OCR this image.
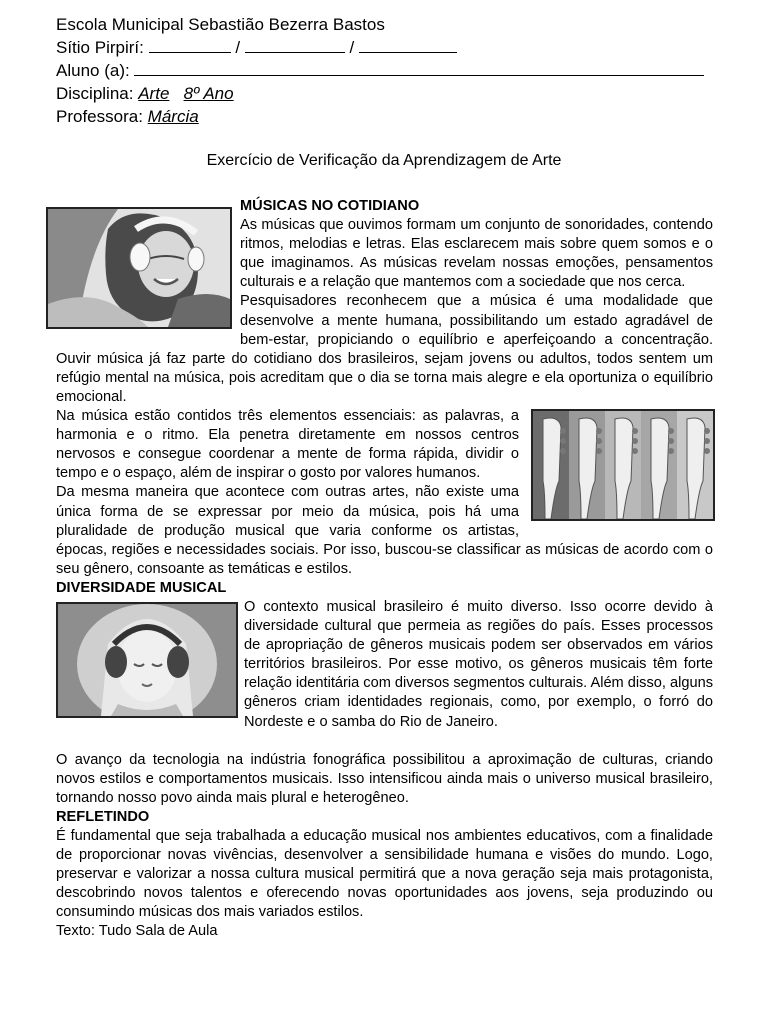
Escola Municipal Sebastião Bezerra Bastos
Sítio Pirpirí:	/	/
Aluno (a):
Disciplina: Arte 8º Ano
Professora: Márcia
Exercício de Verificação da Aprendizagem de Arte

MÚSICAS NO COTIDIANO

As músicas que ouvimos formam um conjunto de sonoridades, contendo ritmos, melodias e letras. Elas esclarecem mais sobre quem somos e o que imaginamos. As músicas revelam nossas emoções, pensamentos culturais e a relação que mantemos com a sociedade que nos cerca.

Pesquisadores reconhecem que a música é uma modalidade que desenvolve a mente humana, possibilitando um estado agradável de bem-estar, propiciando o equilíbrio e aperfeiçoando a concentração. Ouvir música já faz parte do cotidiano dos brasileiros, sejam jovens ou adultos, todos sentem um refúgio mental na música, pois acreditam que o dia se torna mais alegre e ela oportuniza o equilíbrio emocional.

Na música estão contidos três elementos essenciais: as palavras, a harmonia e o ritmo. Ela penetra diretamente em nossos centros nervosos e consegue coordenar a mente de forma rápida, dividir o tempo e o espaço, além de inspirar o gosto por valores humanos.

Da mesma maneira que acontece com outras artes, não existe uma única forma de se expressar por meio da música, pois há uma pluralidade de produção musical que varia conforme os artistas, épocas, regiões e necessidades sociais. Por isso, buscou-se classificar as músicas de acordo com o seu gênero, consoante as temáticas e estilos.

DIVERSIDADE MUSICAL

O contexto musical brasileiro é muito diverso. Isso ocorre devido à diversidade cultural que permeia as regiões do país. Esses processos de apropriação de gêneros musicais podem ser observados em vários territórios brasileiros. Por esse motivo, os gêneros musicais têm forte relação identitária com diversos segmentos culturais. Além disso, alguns gêneros criam identidades regionais, como, por exemplo, o forró do Nordeste e o samba do Rio de Janeiro.

O avanço da tecnologia na indústria fonográfica possibilitou a aproximação de culturas, criando novos estilos e comportamentos musicais. Isso intensificou ainda mais o universo musical brasileiro, tornando nosso povo ainda mais plural e heterogêneo.

REFLETINDO

É fundamental que seja trabalhada a educação musical nos ambientes educativos, com a finalidade de proporcionar novas vivências, desenvolver a sensibilidade humana e visões do mundo. Logo, preservar e valorizar a nossa cultura musical permitirá que a nova geração seja mais protagonista, descobrindo novos talentos e oferecendo novas oportunidades aos jovens, seja produzindo ou consumindo músicas dos mais variados estilos.

Texto: Tudo Sala de Aula
